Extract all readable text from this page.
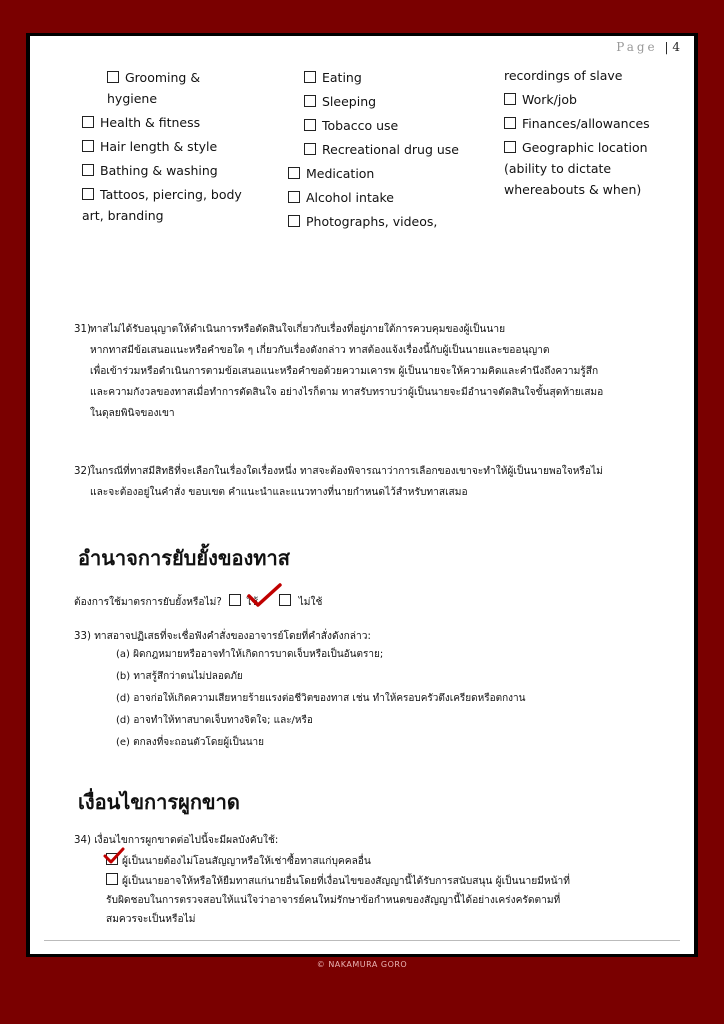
Page | 4
Grooming &
hygiene
Health & fitness
Hair length & style
Bathing & washing
Tattoos, piercing, body
art, branding
Eating
Sleeping
Tobacco use
Recreational drug use
Medication
Alcohol intake
Photographs, videos,
recordings of slave
Work/job
Finances/allowances
Geographic location
(ability to dictate
whereabouts & when)
31) ทาสไม่ได้รับอนุญาตให้ดำเนินการหรือตัดสินใจเกี่ยวกับเรื่องที่อยู่ภายใต้การควบคุมของผู้เป็นนาย
หากทาสมีข้อเสนอแนะหรือคำขอใด ๆ เกี่ยวกับเรื่องดังกล่าว ทาสต้องแจ้งเรื่องนี้กับผู้เป็นนายและขออนุญาต
เพื่อเข้าร่วมหรือดำเนินการตามข้อเสนอแนะหรือคำขอด้วยความเคารพ ผู้เป็นนายจะให้ความคิดและคำนึงถึงความรู้สึก
และความกังวลของทาสเมื่อทำการตัดสินใจ อย่างไรก็ตาม ทาสรับทราบว่าผู้เป็นนายจะมีอำนาจตัดสินใจขั้นสุดท้ายเสมอ
ในดุลยพินิจของเขา
32) ในกรณีที่ทาสมีสิทธิที่จะเลือกในเรื่องใดเรื่องหนึ่ง ทาสจะต้องพิจารณาว่าการเลือกของเขาจะทำให้ผู้เป็นนายพอใจหรือไม่
และจะต้องอยู่ในคำสั่ง ขอบเขต คำแนะนำและแนวทางที่นายกำหนดไว้สำหรับทาสเสมอ
อำนาจการยับยั้งของทาส
ต้องการใช้มาตรการยับยั้งหรือไม่? ใช้	ไม่ใช้
33) ทาสอาจปฏิเสธที่จะเชื่อฟังคำสั่งของอาจารย์โดยที่คำสั่งดังกล่าว:
(a) ผิดกฎหมายหรืออาจทำให้เกิดการบาดเจ็บหรือเป็นอันตราย;
(b) ทาสรู้สึกว่าตนไม่ปลอดภัย
(d) อาจก่อให้เกิดความเสียหายร้ายแรงต่อชีวิตของทาส เช่น ทำให้ครอบครัวตึงเครียดหรือตกงาน
(d) อาจทำให้ทาสบาดเจ็บทางจิตใจ; และ/หรือ
(e) ตกลงที่จะถอนตัวโดยผู้เป็นนาย
เงื่อนไขการผูกขาด
34) เงื่อนไขการผูกขาดต่อไปนี้จะมีผลบังคับใช้:
ผู้เป็นนายต้องไม่โอนสัญญาหรือให้เช่าซื้อทาสแก่บุคคลอื่น
ผู้เป็นนายอาจให้หรือให้ยืมทาสแก่นายอื่นโดยที่เงื่อนไขของสัญญานี้ได้รับการสนับสนุน ผู้เป็นนายมีหน้าที่
รับผิดชอบในการตรวจสอบให้แน่ใจว่าอาจารย์คนใหม่รักษาข้อกำหนดของสัญญานี้ได้อย่างเคร่งครัดตามที่
สมควรจะเป็นหรือไม่
© NAKAMURA GORO
